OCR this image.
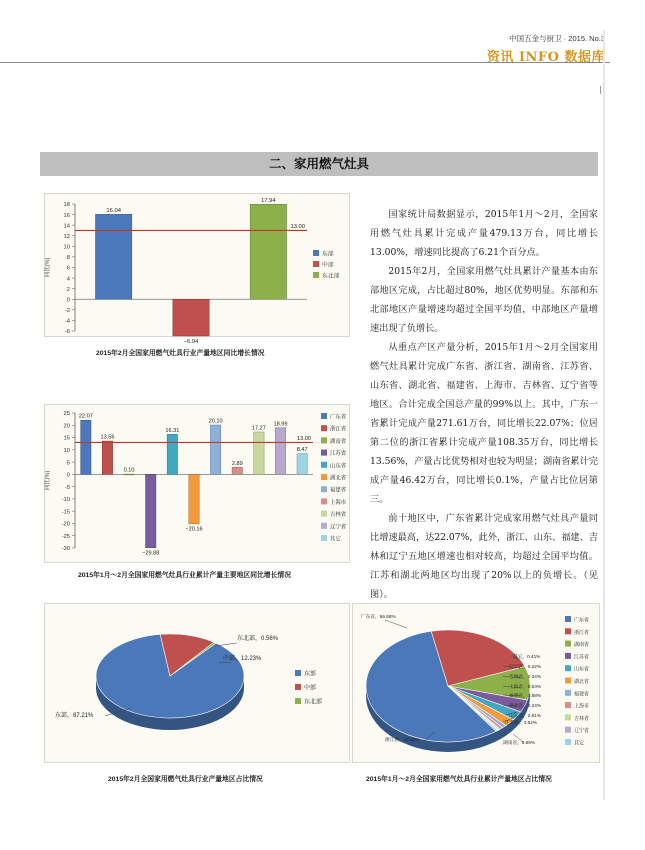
中国五金与厨卫 · 2015. No.3
资讯 INFO 数据库
二、家用燃气灶具
18
16
14
12
10
8
6
4
2
0
-2
-4
-6
同比(%)
16.04
−6.94
17.94
13.00
东部
中部
东北部
2015年2月全国家用燃气灶具行业产量地区同比增长情况
25
20
15
10
5
0
-5
-10
-15
-20
-25
-30
同比(%)
22.07
13.56
0.10
−29.88
16.31
−20.16
20.10
2.89
17.27
18.99
8.47
13.00
广东省
浙江省
湖南省
江苏省
山东省
湖北省
福建省
上海市
吉林省
辽宁省
其它
2015年1月～2月全国家用燃气灶具行业累计产量主要地区同比增长情况
东部，87.21%
中部，12.23%
东北部，0.56%
东部
中部
东北部
2015年2月全国家用燃气灶具行业产量地区占比情况
广东省，56.68%
浙江省，22.62%
湖南省，9.69%
江苏省，3.62%
山东省，2.61%
湖北省，2.24%
福建省，0.88%
上海市，0.63%
吉林省，0.34%
辽宁省，0.22%
其它，0.41%
广东省
浙江省
湖南省
江苏省
山东省
湖北省
福建省
上海市
吉林省
辽宁省
其它
2015年1月～2月全国家用燃气灶具行业累计产量地区占比情况
国家统计局数据显示，2015年1月～2月，全国家用燃气灶具累计完成产量479.13万台，同比增长13.00%，增速同比提高了6.21个百分点。
2015年2月，全国家用燃气灶具累计产量基本由东部地区完成，占比超过80%，地区优势明显。东部和东北部地区产量增速均超过全国平均值，中部地区产量增速出现了负增长。
从重点产区产量分析，2015年1月～2月全国家用燃气灶具累计完成广东省、浙江省、湖南省、江苏省、山东省、湖北省、福建省、上海市、吉林省、辽宁省等地区。合计完成全国总产量的99%以上。其中，广东一省累计完成产量271.61万台，同比增长22.07%；位居第二位的浙江省累计完成产量108.35万台，同比增长13.56%，产量占比优势相对也较为明显；湖南省累计完成产量46.42万台，同比增长0.1%，产量占比位居第三。
前十地区中，广东省累计完成家用燃气灶具产量同比增速最高，达22.07%，此外，浙江、山东、福建、吉林和辽宁五地区增速也相对较高，均超过全国平均值。江苏和湖北两地区均出现了20%以上的负增长。（见图）。
